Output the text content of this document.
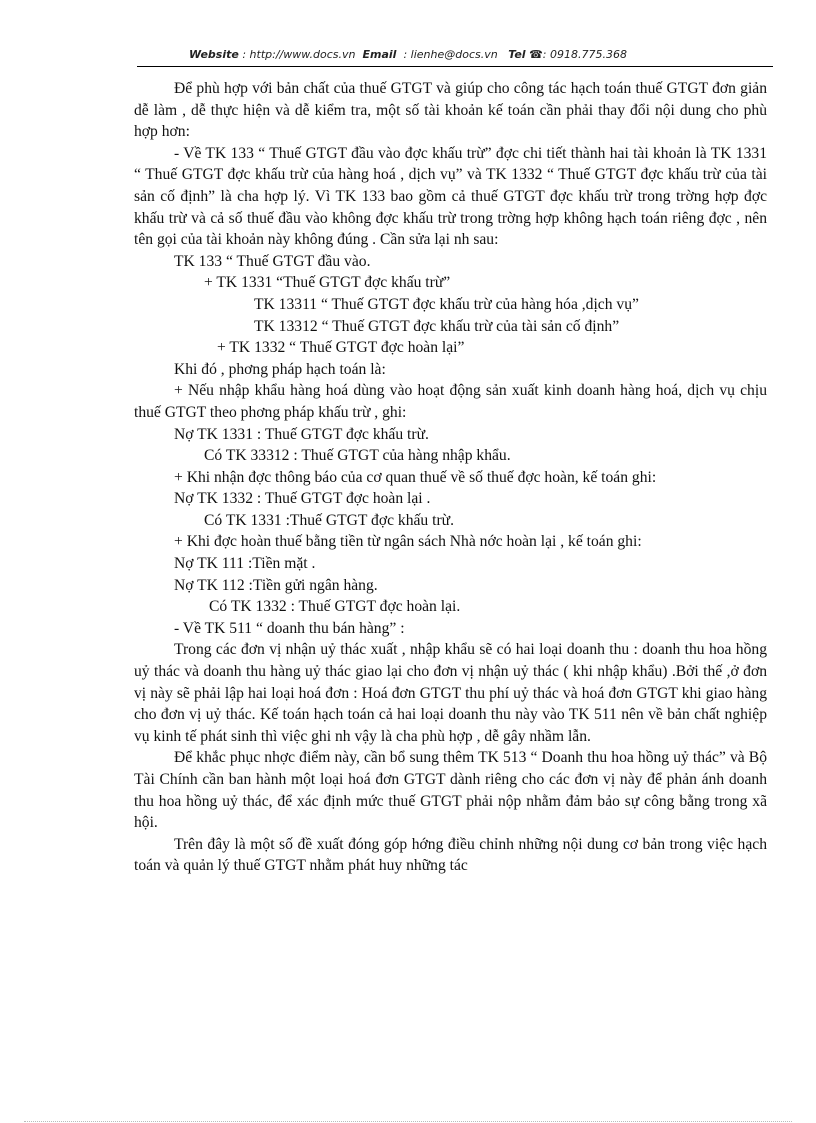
Website : http://www.docs.vn Email : lienhe@docs.vn Tel ☎: 0918.775.368

Để phù hợp với bản chất của thuế GTGT và giúp cho công tác hạch toán thuế GTGT đơn giản dễ làm , dễ thực hiện và dễ kiểm tra, một số tài khoản kế toán cần phải thay đổi nội dung cho phù hợp hơn:

- Về TK 133 “ Thuế GTGT đầu vào đợc khấu trừ” đợc chi tiết thành hai tài khoản là TK 1331 “ Thuế GTGT đợc khấu trừ của hàng hoá , dịch vụ” và TK 1332 “ Thuế GTGT đợc khấu trừ của tài sản cố định” là cha hợp lý. Vì TK 133 bao gồm cả thuế GTGT đợc khấu trừ trong trờng hợp đợc khấu trừ và cả số thuế đầu vào không đợc khấu trừ trong trờng hợp không hạch toán riêng đợc , nên tên gọi của tài khoản này không đúng . Cần sửa lại nh sau:

TK 133 “ Thuế GTGT đầu vào.

+ TK 1331 “Thuế GTGT đợc khấu trừ”

TK 13311 “ Thuế GTGT đợc khấu trừ của hàng hóa ,dịch vụ”

TK 13312 “ Thuế GTGT đợc khấu trừ của tài sản cố định”

+ TK 1332 “ Thuế GTGT đợc hoàn lại”

Khi đó , phơng pháp hạch toán là:

+ Nếu nhập khẩu hàng hoá dùng vào hoạt động sản xuất kinh doanh hàng hoá, dịch vụ chịu thuế GTGT theo phơng pháp khấu trừ , ghi:

Nợ TK 1331 : Thuế GTGT đợc khấu trừ.

Có TK 33312 : Thuế GTGT của hàng nhập khẩu.

+ Khi nhận đợc thông báo của cơ quan thuế về số thuế đợc hoàn, kế toán ghi:

Nợ TK 1332 : Thuế GTGT đợc hoàn lại .

Có TK 1331 :Thuế GTGT đợc khấu trừ.

+ Khi đợc hoàn thuế bằng tiền từ ngân sách Nhà nớc hoàn lại , kế toán ghi:

Nợ TK 111 :Tiền mặt .

Nợ TK 112 :Tiền gửi ngân hàng.

Có TK 1332 : Thuế GTGT đợc hoàn lại.

- Về TK 511 “ doanh thu bán hàng” :

Trong các đơn vị nhận uỷ thác xuất , nhập khẩu sẽ có hai loại doanh thu : doanh thu hoa hồng uỷ thác và doanh thu hàng uỷ thác giao lại cho đơn vị nhận uỷ thác ( khi nhập khẩu) .Bởi thế ,ở đơn vị này sẽ phải lập hai loại hoá đơn : Hoá đơn GTGT thu phí uỷ thác và hoá đơn GTGT khi giao hàng cho đơn vị uỷ thác. Kế toán hạch toán cả hai loại doanh thu này vào TK 511 nên về bản chất nghiệp vụ kinh tế phát sinh thì việc ghi nh vậy là cha phù hợp , dễ gây nhầm lẫn.

Để khắc phục nhợc điểm này, cần bổ sung thêm TK 513 “ Doanh thu hoa hồng uỷ thác” và Bộ Tài Chính cần ban hành một loại hoá đơn GTGT dành riêng cho các đơn vị này để phản ánh doanh thu hoa hồng uỷ thác, để xác định mức thuế GTGT phải nộp nhằm đảm bảo sự công bằng trong xã hội.

Trên đây là một số đề xuất đóng góp hớng điều chỉnh những nội dung cơ bản trong việc hạch toán và quản lý thuế GTGT nhằm phát huy những tác
